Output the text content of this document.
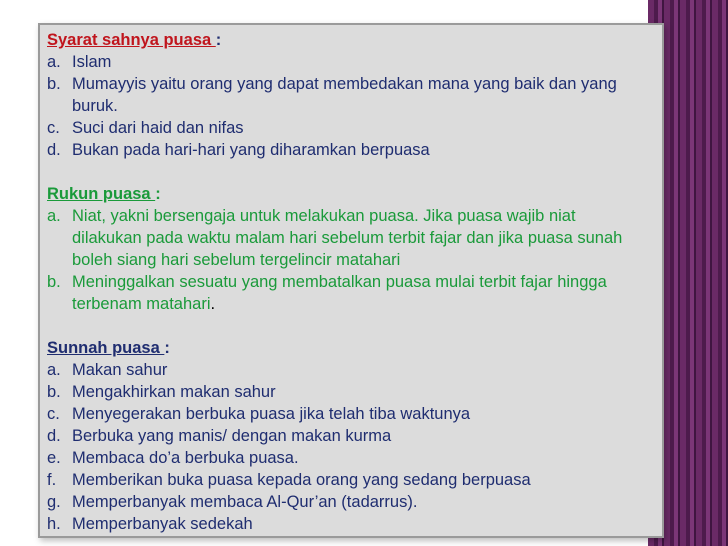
Syarat sahnya puasa :
a. Islam
b. Mumayyis yaitu orang yang dapat membedakan mana yang baik dan yang buruk.
c. Suci dari haid dan nifas
d. Bukan pada hari-hari yang diharamkan berpuasa
Rukun puasa :
a. Niat, yakni bersengaja untuk melakukan puasa. Jika puasa wajib niat dilakukan pada waktu malam hari sebelum terbit fajar dan jika puasa sunah boleh siang hari sebelum tergelincir matahari
b. Meninggalkan sesuatu yang membatalkan puasa mulai terbit fajar hingga terbenam matahari.
Sunnah puasa :
a. Makan sahur
b. Mengakhirkan makan sahur
c. Menyegerakan berbuka puasa jika telah tiba waktunya
d. Berbuka yang manis/ dengan makan kurma
e. Membaca do’a berbuka puasa.
f. Memberikan buka puasa kepada orang yang sedang berpuasa
g. Memperbanyak membaca Al-Qur’an (tadarrus).
h. Memperbanyak sedekah
